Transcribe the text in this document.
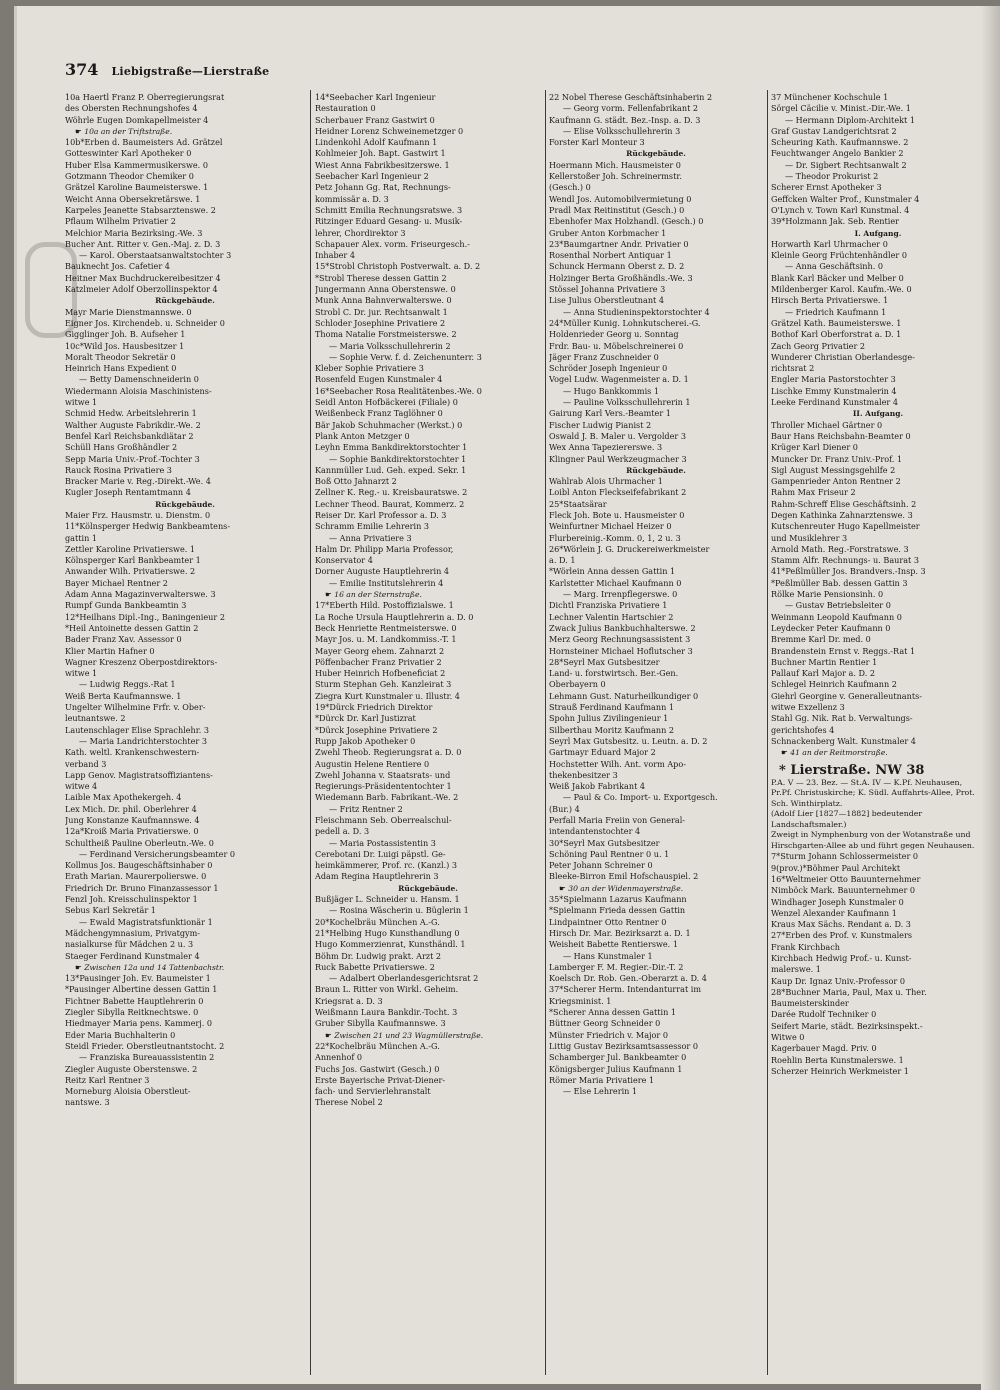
374 Liebigstraße—Lierstraße
10a Haertl Franz P. Oberregierungsrat
des Obersten Rechnungshofes 4
Wöhrle Eugen Domkapellmeister 4
☛ 10a an der Triftstraße.
10b*Erben d. Baumeisters Ad. Grätzel
Gotteswinter Karl Apotheker 0
Huber Elsa Kammermusikerswe. 0
Gotzmann Theodor Chemiker 0
Grätzel Karoline Baumeisterswe. 1
Weicht Anna Obersekretärswe. 1
Karpeles Jeanette Stabsarztenswe. 2
Pflaum Wilhelm Privatier 2
Melchior Maria Bezirksing.-We. 3
Bucher Ant. Ritter v. Gen.-Maj. z. D. 3
— Karol. Oberstaatsanwaltstochter 3
Bauknecht Jos. Cafetier 4
Heitner Max Buchdruckereibesitzer 4
Katzlmeier Adolf Oberzollinspektor 4
Rückgebäude.
Mayr Marie Dienstmannswe. 0
Eigner Jos. Kirchendeb. u. Schneider 0
Gigglinger Joh. B. Aufseher 1
10c*Wild Jos. Hausbesitzer 1
Moralt Theodor Sekretär 0
Heinrich Hans Expedient 0
— Betty Damenschneiderin 0
Wiedermann Aloisia Maschinistens-
witwe 1
Schmid Hedw. Arbeitslehrerin 1
Walther Auguste Fabrikdir.-We. 2
Benfel Karl Reichsbankdiätar 2
Schüll Hans Großhändler 2
Sepp Maria Univ.-Prof.-Tochter 3
Rauck Rosina Privatiere 3
Bracker Marie v. Reg.-Direkt.-We. 4
Kugler Joseph Rentamtmann 4
Rückgebäude.
Maier Frz. Hausmstr. u. Dienstm. 0
11*Kölnsperger Hedwig Bankbeamtens-
gattin 1
Zettler Karoline Privatierswe. 1
Kölnsperger Karl Bankbeamter 1
Anwander Wilh. Privatierswe. 2
Bayer Michael Rentner 2
Adam Anna Magazinverwalterswe. 3
Rumpf Gunda Bankbeamtin 3
12*Heilhans Dipl.-Ing., Baningenieur 2
*Heil Antoinette dessen Gattin 2
Bader Franz Xav. Assessor 0
Klier Martin Hafner 0
Wagner Kreszenz Oberpostdirektors-
witwe 1
— Ludwig Reggs.-Rat 1
Weiß Berta Kaufmannswe. 1
Ungelter Wilhelmine Frfr. v. Ober-
leutnantswe. 2
Lautenschlager Elise Sprachlehr. 3
— Maria Landrichterstochter 3
Kath. weltl. Krankenschwestern-
verband 3
Lapp Genov. Magistratsoffiziantens-
witwe 4
Laible Max Apothekergeh. 4
Lex Mich. Dr. phil. Oberlehrer 4
Jung Konstanze Kaufmannswe. 4
12a*Kroiß Maria Privatierswe. 0
Schultheiß Pauline Oberleutn.-We. 0
— Ferdinand Versicherungsbeamter 0
Kollmus Jos. Baugeschäftsinhaber 0
Erath Marian. Maurerpolierswe. 0
Friedrich Dr. Bruno Finanzassessor 1
Fenzl Joh. Kreisschulinspektor 1
Sebus Karl Sekretär 1
— Ewald Magistratsfunktionär 1
Mädchengymnasium, Privatgym-
nasialkurse für Mädchen 2 u. 3
Staeger Ferdinand Kunstmaler 4
☛ Zwischen 12a und 14 Tattenbachstr.
13*Pausinger Joh. Ev. Baumeister 1
*Pausinger Albertine dessen Gattin 1
Fichtner Babette Hauptlehrerin 0
Ziegler Sibylla Reitknechtswe. 0
Hiedmayer Maria pens. Kammerj. 0
Eder Maria Buchhalterin 0
Steidl Frieder. Oberstleutnantstocht. 2
— Franziska Bureauassistentin 2
Ziegler Auguste Oberstenswe. 2
Reitz Karl Rentner 3
Morneburg Aloisia Oberstleut-
nantswe. 3
14*Seebacher Karl Ingenieur
Restauration 0
Scherbauer Franz Gastwirt 0
Heidner Lorenz Schweinemetzger 0
Lindenkohl Adolf Kaufmann 1
Kohlmeier Joh. Bapt. Gastwirt 1
Wiest Anna Fabrikbesitzerswe. 1
Seebacher Karl Ingenieur 2
Petz Johann Gg. Rat, Rechnungs-
kommissär a. D. 3
Schmitt Emilia Rechnungsratswe. 3
Ritzinger Eduard Gesang- u. Musik-
lehrer, Chordirektor 3
Schapauer Alex. vorm. Friseurgesch.-
Inhaber 4
15*Strobl Christoph Postverwalt. a. D. 2
*Strobl Therese dessen Gattin 2
Jungermann Anna Oberstenswe. 0
Munk Anna Bahnverwalterswe. 0
Strobl C. Dr. jur. Rechtsanwalt 1
Schloder Josephine Privatiere 2
Thoma Natalie Forstmeisterswe. 2
— Maria Volksschullehrerin 2
— Sophie Verw. f. d. Zeichenunterr. 3
Kleber Sophie Privatiere 3
Rosenfeld Eugen Kunstmaler 4
16*Seebacher Rosa Realitätenbes.-We. 0
Seidl Anton Hofbäckerei (Filiale) 0
Weißenbeck Franz Taglöhner 0
Bär Jakob Schuhmacher (Werkst.) 0
Plank Anton Metzger 0
Leyhn Emma Bankdirektorstochter 1
— Sophie Bankdirektorstochter 1
Kannmüller Lud. Geh. exped. Sekr. 1
Boß Otto Jahnarzt 2
Zellner K. Reg.- u. Kreisbauratswe. 2
Lechner Theod. Baurat, Kommerz. 2
Reiser Dr. Karl Professor a. D. 3
Schramm Emilie Lehrerin 3
— Anna Privatiere 3
Halm Dr. Philipp Maria Professor,
Konservator 4
Dorner Auguste Hauptlehrerin 4
— Emilie Institutslehrerin 4
☛ 16 an der Sternstraße.
17*Eberth Hild. Postoffizialswe. 1
La Roche Ursula Hauptlehrerin a. D. 0
Beck Henriette Rentmeisterswe. 0
Mayr Jos. u. M. Landkommiss.-T. 1
Mayer Georg ehem. Zahnarzt 2
Pöffenbacher Franz Privatier 2
Huber Heinrich Hofbeneficiat 2
Sturm Stephan Geh. Kanzleirat 3
Ziegra Kurt Kunstmaler u. Illustr. 4
19*Dürck Friedrich Direktor
*Dürck Dr. Karl Justizrat
*Dürck Josephine Privatiere 2
Rupp Jakob Apotheker 0
Zwehl Theob. Regierungsrat a. D. 0
Augustin Helene Rentiere 0
Zwehl Johanna v. Staatsrats- und
Regierungs-Präsidententochter 1
Wiedemann Barb. Fabrikant.-We. 2
— Fritz Rentner 2
Fleischmann Seb. Oberrealschul-
pedell a. D. 3
— Maria Postassistentin 3
Cerebotani Dr. Luigi päpstl. Ge-
heimkämmerer, Prof. rc. (Kanzl.) 3
Adam Regina Hauptlehrerin 3
Rückgebäude.
Bußjäger L. Schneider u. Hansm. 1
— Rosina Wäscherin u. Büglerin 1
20*Kochelbräu München A.-G.
21*Helbing Hugo Kunsthandlung 0
Hugo Kommerzienrat, Kunsthändl. 1
Böhm Dr. Ludwig prakt. Arzt 2
Ruck Babette Privatierswe. 2
— Adalbert Oberlandesgerichtsrat 2
Braun L. Ritter von Wirkl. Geheim.
Kriegsrat a. D. 3
Weißmann Laura Bankdir.-Tocht. 3
Gruber Sibylla Kaufmannswe. 3
☛ Zwischen 21 und 23 Wagmüllerstraße.
22*Kochelbräu München A.-G.
Annenhof 0
Fuchs Jos. Gastwirt (Gesch.) 0
Erste Bayerische Privat-Diener-
fach- und Servierlehranstalt
Therese Nobel 2
22 Nobel Therese Geschäftsinhaberin 2
— Georg vorm. Fellenfabrikant 2
Kaufmann G. städt. Bez.-Insp. a. D. 3
— Elise Volksschullehrerin 3
Forster Karl Monteur 3
Rückgebäude.
Hoermann Mich. Hausmeister 0
Kellerstoßer Joh. Schreinermstr.
(Gesch.) 0
Wendl Jos. Automobilvermietung 0
Pradl Max Reitinstitut (Gesch.) 0
Ebenhofer Max Holzhandl. (Gesch.) 0
Gruber Anton Korbmacher 1
23*Baumgartner Andr. Privatier 0
Rosenthal Norbert Antiquar 1
Schunck Hermann Oberst z. D. 2
Holzinger Berta Großhändls.-We. 3
Stössel Johanna Privatiere 3
Lise Julius Oberstleutnant 4
— Anna Studieninspektorstochter 4
24*Müller Kunig. Lohnkutscherei.-G.
Holdenrieder Georg u. Sonntag
Frdr. Bau- u. Möbelschreinerei 0
Jäger Franz Zuschneider 0
Schröder Joseph Ingenieur 0
Vogel Ludw. Wagenmeister a. D. 1
— Hugo Bankkommis 1
— Pauline Volksschullehrerin 1
Gairung Karl Vers.-Beamter 1
Fischer Ludwig Pianist 2
Oswald J. B. Maler u. Vergolder 3
Wex Anna Tapeziererswe. 3
Klingner Paul Werkzeugmacher 3
Rückgebäude.
Wahlrab Alois Uhrmacher 1
Loibl Anton Fleckseifefabrikant 2
25*Staatsärar
Fleck Joh. Bote u. Hausmeister 0
Weinfurtner Michael Heizer 0
Flurbereinig.-Komm. 0, 1, 2 u. 3
26*Wörlein J. G. Druckereiwerkmeister
a. D. 1
*Wörlein Anna dessen Gattin 1
Karlstetter Michael Kaufmann 0
— Marg. Irrenpflegerswe. 0
Dichtl Franziska Privatiere 1
Lechner Valentin Hartschier 2
Zwack Julius Bankbuchhalterswe. 2
Merz Georg Rechnungsassistent 3
Hornsteiner Michael Hoflutscher 3
28*Seyrl Max Gutsbesitzer
Land- u. forstwirtsch. Ber.-Gen.
Oberbayern 0
Lehmann Gust. Naturheilkundiger 0
Strauß Ferdinand Kaufmann 1
Spohn Julius Zivilingenieur 1
Silberthau Moritz Kaufmann 2
Seyrl Max Gutsbesitz. u. Leutn. a. D. 2
Gartmayr Eduard Major 2
Hochstetter Wilh. Ant. vorm Apo-
thekenbesitzer 3
Weiß Jakob Fabrikant 4
— Paul & Co. Import- u. Exportgesch.
(Bur.) 4
Perfall Maria Freiin von General-
intendantenstochter 4
30*Seyrl Max Gutsbesitzer
Schöning Paul Rentner 0 u. 1
Peter Johann Schreiner 0
Bleeke-Birron Emil Hofschauspiel. 2
☛ 30 an der Widenmayerstraße.
35*Spielmann Lazarus Kaufmann
*Spielmann Frieda dessen Gattin
Lindpaintner Otto Rentner 0
Hirsch Dr. Mar. Bezirksarzt a. D. 1
Weisheit Babette Rentierswe. 1
— Hans Kunstmaler 1
Lamberger F. M. Regier.-Dir.-T. 2
Koelsch Dr. Rob. Gen.-Oberarzt a. D. 4
37*Scherer Herm. Intendanturrat im
Kriegsminist. 1
*Scherer Anna dessen Gattin 1
Büttner Georg Schneider 0
Münster Friedrich v. Major 0
Littig Gustav Bezirksamtsassessor 0
Schamberger Jul. Bankbeamter 0
Königsberger Julius Kaufmann 1
Römer Maria Privatiere 1
— Else Lehrerin 1
37 Münchener Kochschule 1
Sörgel Cäcilie v. Minist.-Dir.-We. 1
— Hermann Diplom-Architekt 1
Graf Gustav Landgerichtsrat 2
Scheuring Kath. Kaufmannswe. 2
Feuchtwanger Angelo Bankier 2
— Dr. Sigbert Rechtsanwalt 2
— Theodor Prokurist 2
Scherer Ernst Apotheker 3
Geffcken Walter Prof., Kunstmaler 4
O'Lynch v. Town Karl Kunstmal. 4
39*Holzmann Jak. Seb. Rentier
I. Aufgang.
Horwarth Karl Uhrmacher 0
Kleinle Georg Früchtenhändler 0
— Anna Geschäftsinh. 0
Blank Karl Bäcker und Melber 0
Mildenberger Karol. Kaufm.-We. 0
Hirsch Berta Privatierswe. 1
— Friedrich Kaufmann 1
Grätzel Kath. Baumeisterswe. 1
Bothof Karl Oberforstrat a. D. 1
Zach Georg Privatier 2
Wunderer Christian Oberlandesge-
richtsrat 2
Engler Maria Pastorstochter 3
Lischke Emmy Kunstmalerin 4
Leeke Ferdinand Kunstmaler 4
II. Aufgang.
Throller Michael Gärtner 0
Baur Hans Reichsbahn-Beamter 0
Krüger Karl Diener 0
Muncker Dr. Franz Univ.-Prof. 1
Sigl August Messingsgehilfe 2
Gampenrieder Anton Rentner 2
Rahm Max Friseur 2
Rahm-Schreff Elise Geschäftsinh. 2
Degen Kathinka Zahnarztenswe. 3
Kutschenreuter Hugo Kapellmeister
und Musiklehrer 3
Arnold Math. Reg.-Forstratswe. 3
Stamm Alfr. Rechnungs- u. Baurat 3
41*Peßlmüller Jos. Brandvers.-Insp. 3
*Peßlmüller Bab. dessen Gattin 3
Rölke Marie Pensionsinh. 0
— Gustav Betriebsleiter 0
Weinmann Leopold Kaufmann 0
Leydecker Peter Kaufmann 0
Bremme Karl Dr. med. 0
Brandenstein Ernst v. Reggs.-Rat 1
Buchner Martin Rentier 1
Pallauf Karl Major a. D. 2
Schlegel Heinrich Kaufmann 2
Giehrl Georgine v. Generalleutnants-
witwe Exzellenz 3
Stahl Gg. Nik. Rat b. Verwaltungs-
gerichtshofes 4
Schnackenberg Walt. Kunstmaler 4
☛ 41 an der Reitmorstraße.
* Lierstraße. NW 38
P.A. V — 23. Bez. — St.A. IV — K.Pf. Neuhausen, Pr.Pf. Christuskirche; K. Südl. Auffahrts-Allee, Prot. Sch. Winthirplatz.
(Adolf Lier [1827—1882] bedeutender Landschaftsmaler.)
Zweigt in Nymphenburg von der Wotanstraße und Hirschgarten-Allee ab und führt gegen Neuhausen.
7*Sturm Johann Schlossermeister 0
9(prov.)*Böhmer Paul Architekt
16*Weltmeier Otto Bauunternehmer
Nimböck Mark. Bauunternehmer 0
Windhager Joseph Kunstmaler 0
Wenzel Alexander Kaufmann 1
Kraus Max Sächs. Rendant a. D. 3
27*Erben des Prof. v. Kunstmalers
Frank Kirchbach
Kirchbach Hedwig Prof.- u. Kunst-
malerswe. 1
Kaup Dr. Ignaz Univ.-Professor 0
28*Buchner Maria, Paul, Max u. Ther.
Baumeisterskinder
Darée Rudolf Techniker 0
Seifert Marie, städt. Bezirksinspekt.-
Witwe 0
Kagerbauer Magd. Priv. 0
Roehlin Berta Kunstmalerswe. 1
Scherzer Heinrich Werkmeister 1
